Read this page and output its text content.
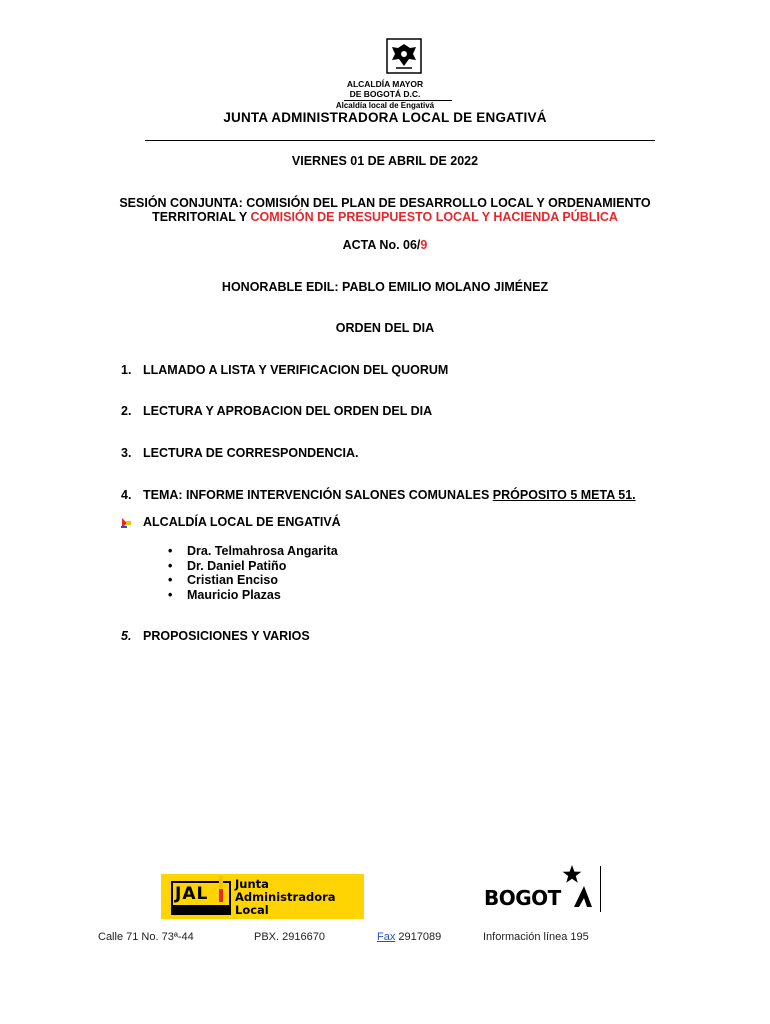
ALCALDÍA MAYOR
DE BOGOTÁ D.C.
Alcaldía local de Engativá
JUNTA ADMINISTRADORA LOCAL DE ENGATIVÁ
VIERNES 01 DE ABRIL DE 2022
SESIÓN CONJUNTA: COMISIÓN DEL PLAN DE DESARROLLO LOCAL Y ORDENAMIENTO
TERRITORIAL Y COMISIÓN DE PRESUPUESTO LOCAL Y HACIENDA PÚBLICA
ACTA No. 06/9
HONORABLE EDIL: PABLO EMILIO MOLANO JIMÉNEZ
ORDEN DEL DIA
1. LLAMADO A LISTA Y VERIFICACION DEL QUORUM
2. LECTURA Y APROBACION DEL ORDEN DEL DIA
3. LECTURA DE CORRESPONDENCIA.
4. TEMA: INFORME INTERVENCIÓN SALONES COMUNALES PRÓPOSITO 5 META 51.
ALCALDÍA LOCAL DE ENGATIVÁ
• Dra. Telmahrosa Angarita
• Dr. Daniel Patiño
• Cristian Enciso
• Mauricio Plazas
5. PROPOSICIONES Y VARIOS
JAL Junta
Administradora
Local	BOGOT
Calle 71 No. 73ª-44	PBX. 2916670	Fax 2917089	Información línea 195
